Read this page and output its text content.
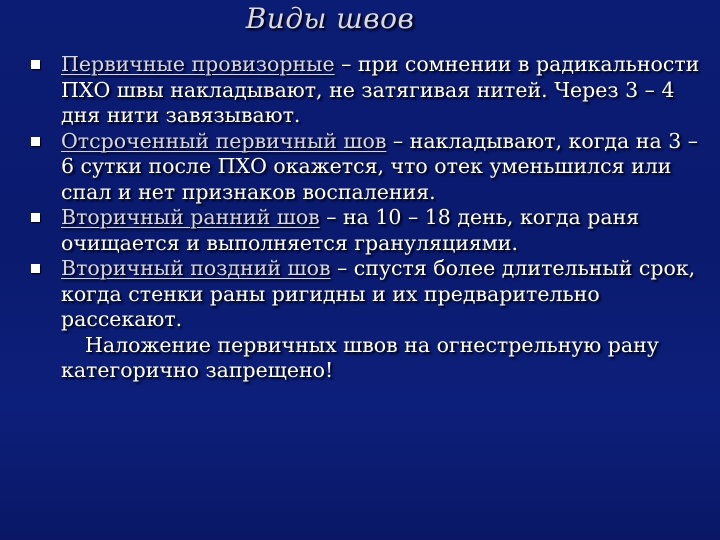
Виды швов
Первичные провизорные – при сомнении в радикальности ПХО швы накладывают, не затягивая нитей. Через 3 – 4 дня нити завязывают.
Отсроченный первичный шов – накладывают, когда на 3 – 6 сутки после ПХО окажется, что отек уменьшился или спал и нет признаков воспаления.
Вторичный ранний шов – на 10 – 18 день, когда раня очищается и выполняется грануляциями.
Вторичный поздний шов – спустя более длительный срок, когда стенки раны ригидны и их предварительно рассекают.
Наложение первичных швов на огнестрельную рану категорично запрещено!
